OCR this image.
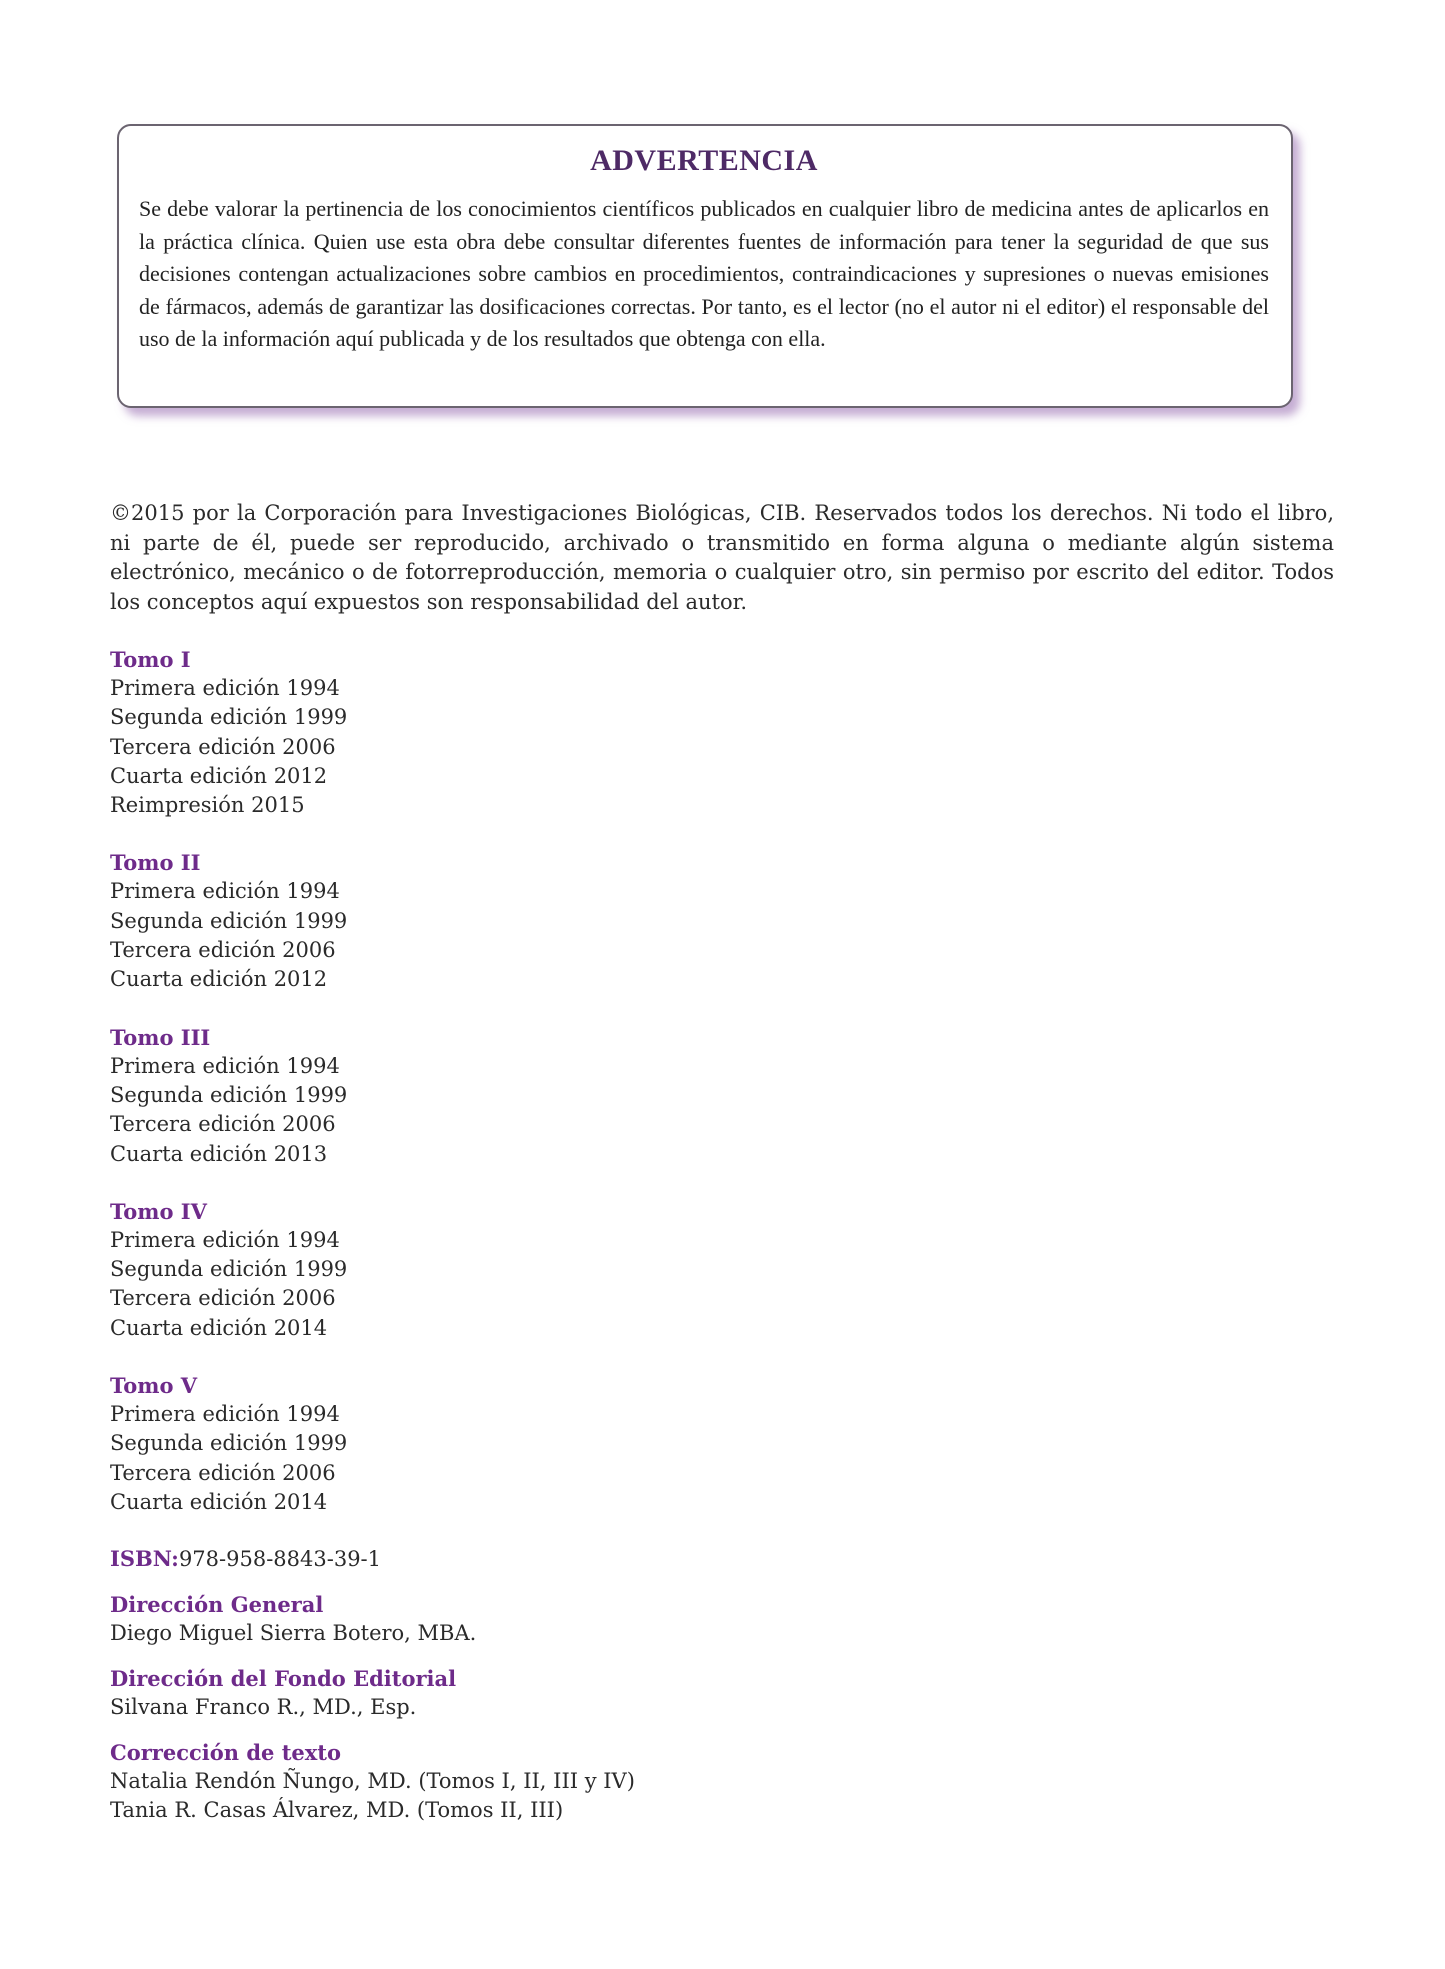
ADVERTENCIA
Se debe valorar la pertinencia de los conocimientos científicos publicados en cualquier libro de medicina antes de aplicarlos en la práctica clínica. Quien use esta obra debe consultar diferentes fuentes de información para tener la seguridad de que sus decisiones contengan actualizaciones sobre cambios en procedimientos, contraindicaciones y supresiones o nuevas emisiones de fármacos, además de garantizar las dosificaciones correctas. Por tanto, es el lector (no el autor ni el editor) el responsable del uso de la información aquí publicada y de los resultados que obtenga con ella.

©2015 por la Corporación para Investigaciones Biológicas, CIB. Reservados todos los derechos. Ni todo el libro, ni parte de él, puede ser reproducido, archivado o transmitido en forma alguna o mediante algún sistema electrónico, mecánico o de fotorreproducción, memoria o cualquier otro, sin permiso por escrito del editor. Todos los conceptos aquí expuestos son responsabilidad del autor.

Tomo I
Primera edición 1994
Segunda edición 1999
Tercera edición 2006
Cuarta edición 2012
Reimpresión 2015
Tomo II
Primera edición 1994
Segunda edición 1999
Tercera edición 2006
Cuarta edición 2012
Tomo III
Primera edición 1994
Segunda edición 1999
Tercera edición 2006
Cuarta edición 2013
Tomo IV
Primera edición 1994
Segunda edición 1999
Tercera edición 2006
Cuarta edición 2014
Tomo V
Primera edición 1994
Segunda edición 1999
Tercera edición 2006
Cuarta edición 2014
ISBN:978-958-8843-39-1
Dirección General
Diego Miguel Sierra Botero, MBA.
Dirección del Fondo Editorial
Silvana Franco R., MD., Esp.
Corrección de texto
Natalia Rendón Ñungo, MD. (Tomos I, II, III y IV)
Tania R. Casas Álvarez, MD. (Tomos II, III)
